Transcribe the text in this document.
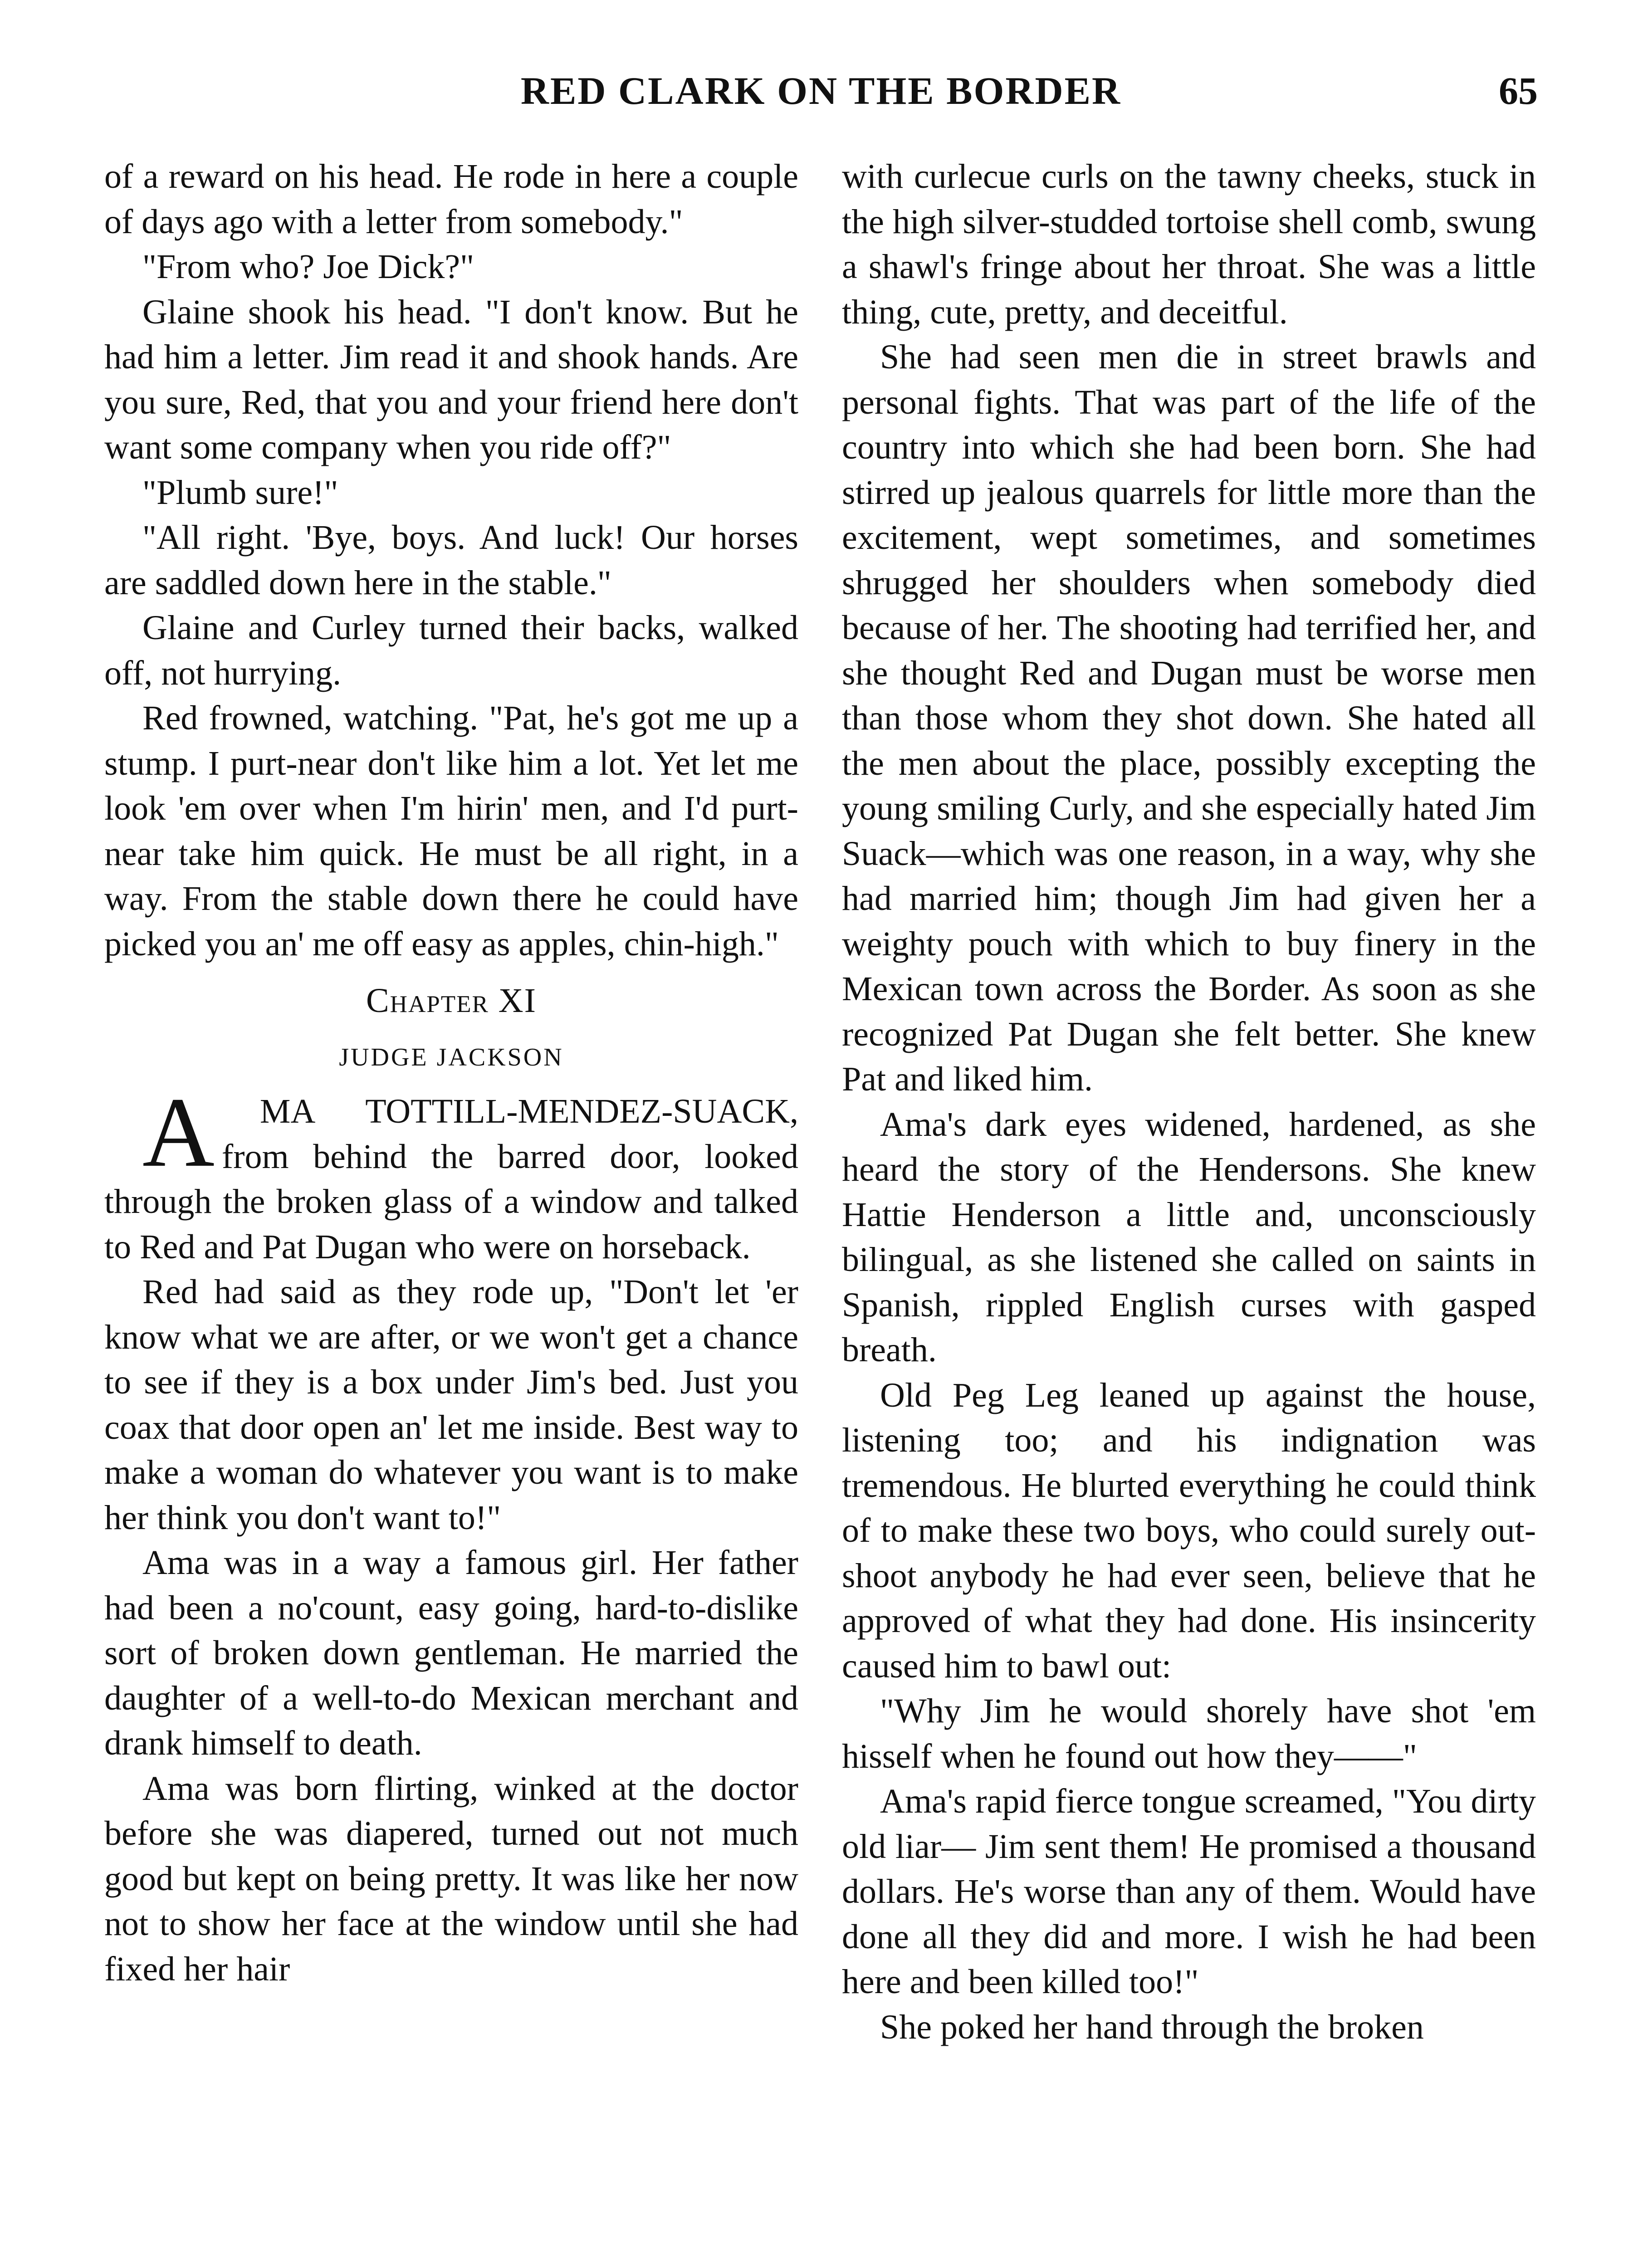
RED CLARK ON THE BORDER	65

of a reward on his head. He rode in here a couple of days ago with a letter from somebody."

"From who? Joe Dick?"

Glaine shook his head. "I don't know. But he had him a letter. Jim read it and shook hands. Are you sure, Red, that you and your friend here don't want some company when you ride off?"

"Plumb sure!"

"All right. 'Bye, boys. And luck! Our horses are saddled down here in the stable."

Glaine and Curley turned their backs, walked off, not hurrying.

Red frowned, watching. "Pat, he's got me up a stump. I purt-near don't like him a lot. Yet let me look 'em over when I'm hirin' men, and I'd purt-near take him quick. He must be all right, in a way. From the stable down there he could have picked you an' me off easy as apples, chin-high."

Chapter XI
JUDGE JACKSON

A MA TOTTILL-MENDEZ-SUACK, from behind the barred door, looked through the broken glass of a window and talked to Red and Pat Dugan who were on horseback.

Red had said as they rode up, "Don't let 'er know what we are after, or we won't get a chance to see if they is a box under Jim's bed. Just you coax that door open an' let me inside. Best way to make a woman do whatever you want is to make her think you don't want to!"

Ama was in a way a famous girl. Her father had been a no'count, easy going, hard-to-dislike sort of broken down gentleman. He married the daughter of a well-to-do Mexican merchant and drank himself to death.

Ama was born flirting, winked at the doctor before she was diapered, turned out not much good but kept on being pretty. It was like her now not to show her face at the window until she had fixed her hair

with curlecue curls on the tawny cheeks, stuck in the high silver-studded tortoise shell comb, swung a shawl's fringe about her throat. She was a little thing, cute, pretty, and deceitful.

She had seen men die in street brawls and personal fights. That was part of the life of the country into which she had been born. She had stirred up jealous quarrels for little more than the excitement, wept sometimes, and sometimes shrugged her shoulders when somebody died because of her. The shooting had terrified her, and she thought Red and Dugan must be worse men than those whom they shot down. She hated all the men about the place, possibly excepting the young smiling Curly, and she especially hated Jim Suack—which was one reason, in a way, why she had married him; though Jim had given her a weighty pouch with which to buy finery in the Mexican town across the Border. As soon as she recognized Pat Dugan she felt better. She knew Pat and liked him.

Ama's dark eyes widened, hardened, as she heard the story of the Hendersons. She knew Hattie Henderson a little and, unconsciously bilingual, as she listened she called on saints in Spanish, rippled English curses with gasped breath.

Old Peg Leg leaned up against the house, listening too; and his indignation was tremendous. He blurted everything he could think of to make these two boys, who could surely out-shoot anybody he had ever seen, believe that he approved of what they had done. His insincerity caused him to bawl out:

"Why Jim he would shorely have shot 'em hisself when he found out how they——"

Ama's rapid fierce tongue screamed, "You dirty old liar— Jim sent them! He promised a thousand dollars. He's worse than any of them. Would have done all they did and more. I wish he had been here and been killed too!"

She poked her hand through the broken
